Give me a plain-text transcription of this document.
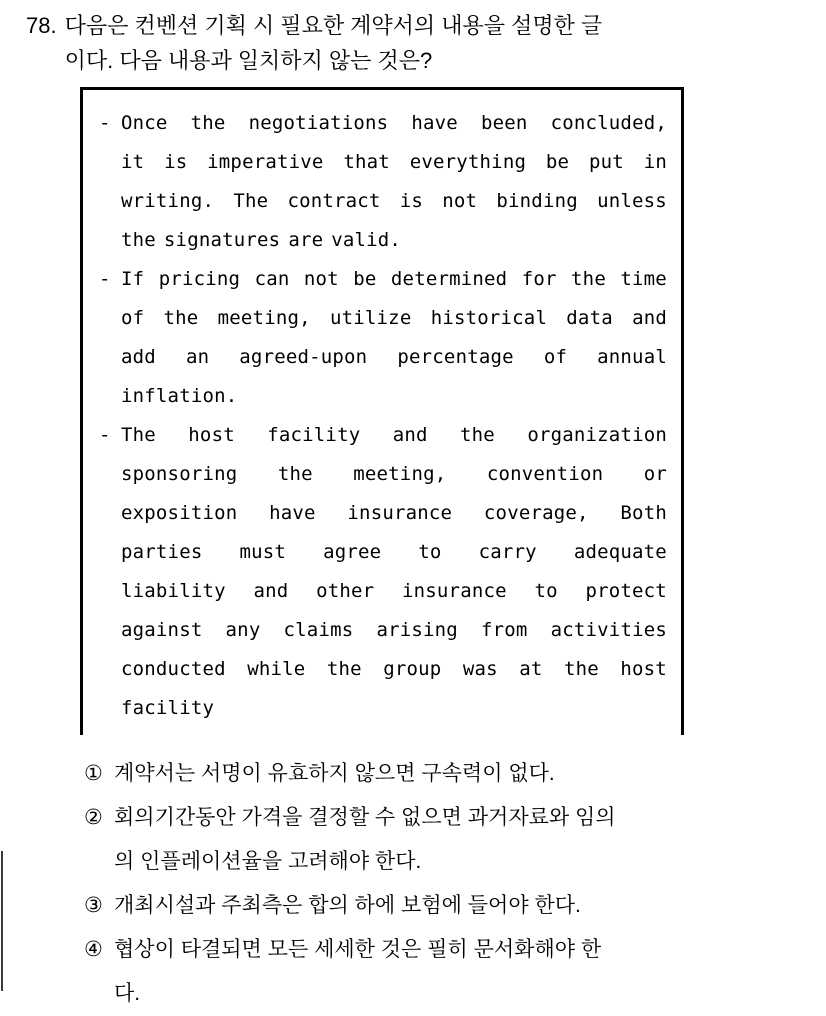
78. 다음은 컨벤션 기획 시 필요한 계약서의 내용을 설명한 글
이다. 다음 내용과 일치하지 않는 것은?
- Once the negotiations have been concluded,
it is imperative that everything be put in
writing. The contract is not binding unless
the signatures are valid.
- If pricing can not be determined for the time
of the meeting, utilize historical data and
add an agreed-upon percentage of annual
inflation.
- The host facility and the organization
sponsoring the meeting, convention or
exposition have insurance coverage, Both
parties must agree to carry adequate
liability and other insurance to protect
against any claims arising from activities
conducted while the group was at the host
facility
① 계약서는 서명이 유효하지 않으면 구속력이 없다.
② 회의기간동안 가격을 결정할 수 없으면 과거자료와 임의
의 인플레이션율을 고려해야 한다.
③ 개최시설과 주최측은 합의 하에 보험에 들어야 한다.
④ 협상이 타결되면 모든 세세한 것은 필히 문서화해야 한
다.
